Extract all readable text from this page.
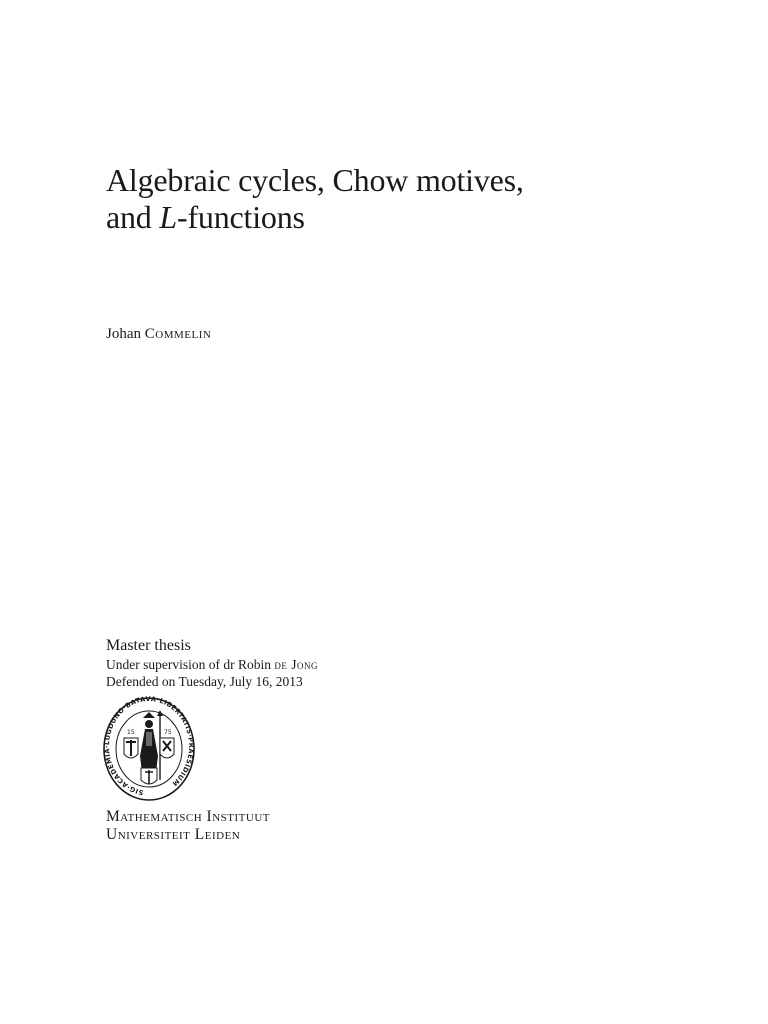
Algebraic cycles, Chow motives,
and L-functions
Johan Commelin
Master thesis
Under supervision of dr Robin de Jong
Defended on Tuesday, July 16, 2013
SIG·ACADEMIA·LUGDUNO·BATAVA·LIBERTATIS·PRAESIDIUM
15	75
Mathematisch Instituut
Universiteit Leiden
